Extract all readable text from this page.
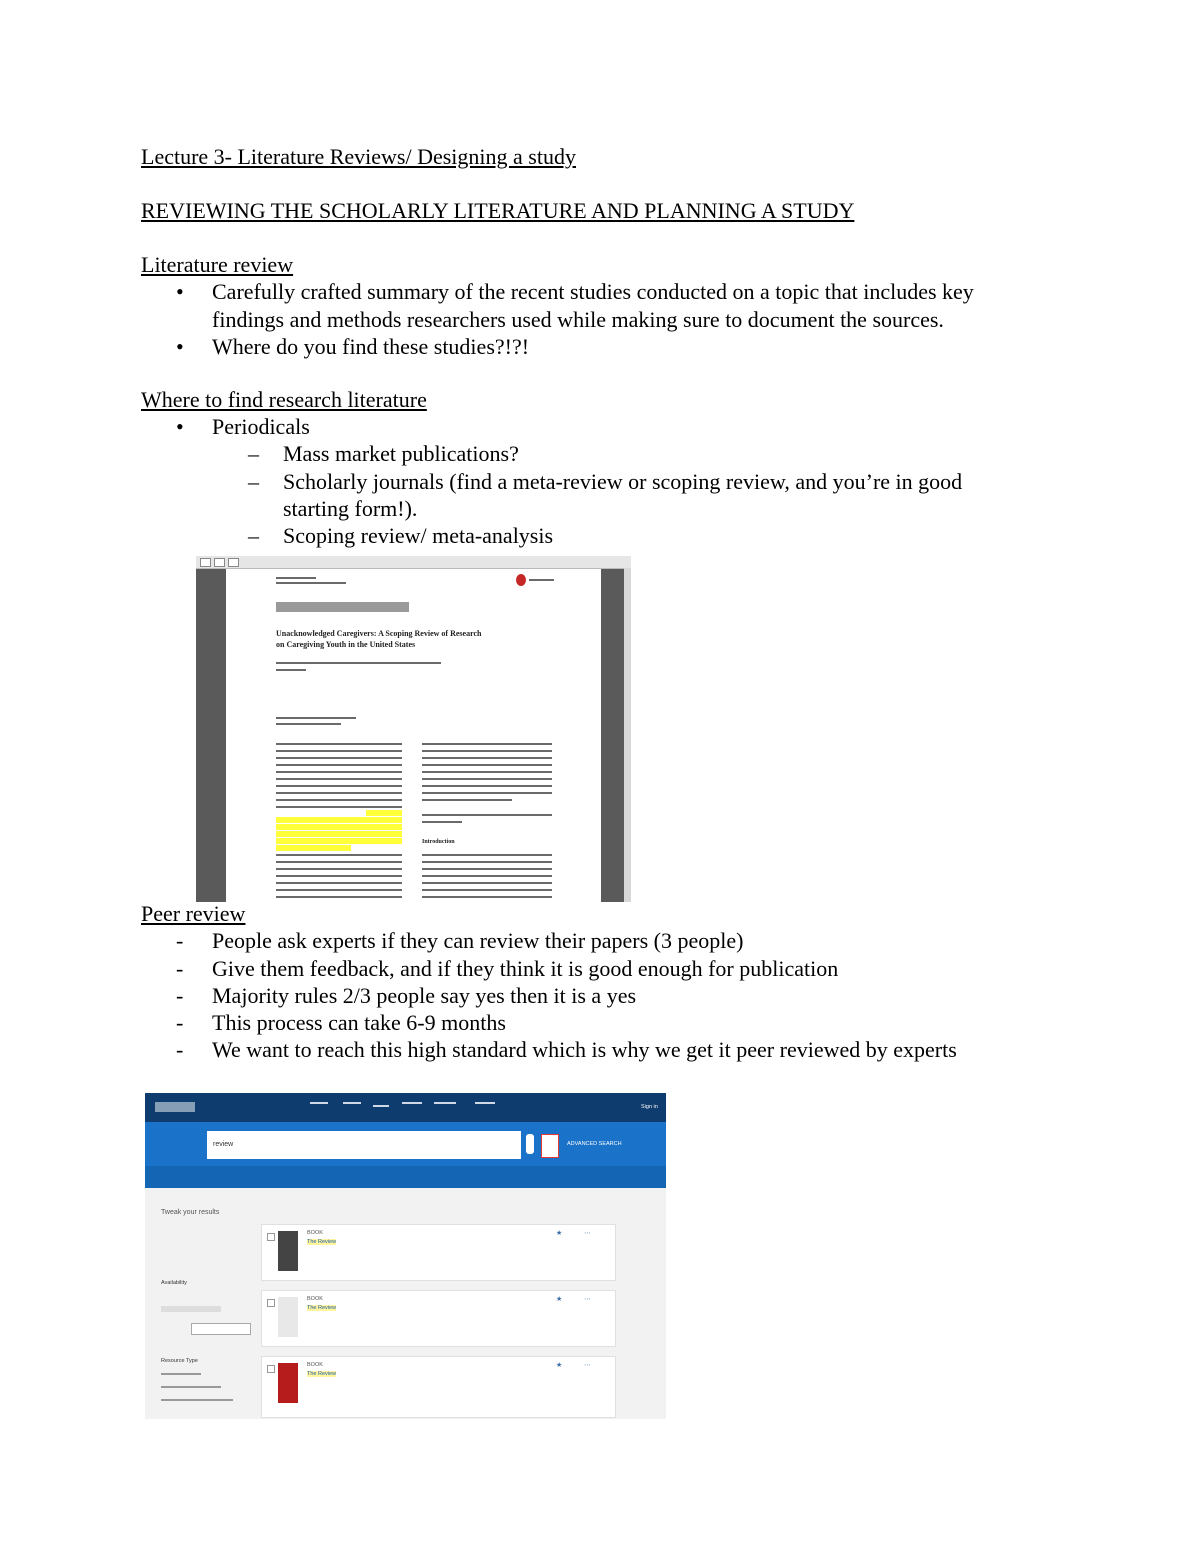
Lecture 3- Literature Reviews/ Designing a study
REVIEWING THE SCHOLARLY LITERATURE AND PLANNING A STUDY
Literature review
• Carefully crafted summary of the recent studies conducted on a topic that includes key
findings and methods researchers used while making sure to document the sources.
• Where do you find these studies?!?!
Where to find research literature
• Periodicals
– Mass market publications?
– Scholarly journals (find a meta-review or scoping review, and you’re in good
starting form!).
– Scoping review/ meta-analysis
Unacknowledged Caregivers: A Scoping Review of Research
on Caregiving Youth in the United States
Introduction
Peer review
- People ask experts if they can review their papers (3 people)
- Give them feedback, and if they think it is good enough for publication
- Majority rules 2/3 people say yes then it is a yes
- This process can take 6-9 months
- We want to reach this high standard which is why we get it peer reviewed by experts
Sign in
review	ADVANCED SEARCH
Tweak your results
Availability
Resource Type
BOOK
The Review
★	⋯
BOOK
The Review
★	⋯
BOOK
The Review
★	⋯
